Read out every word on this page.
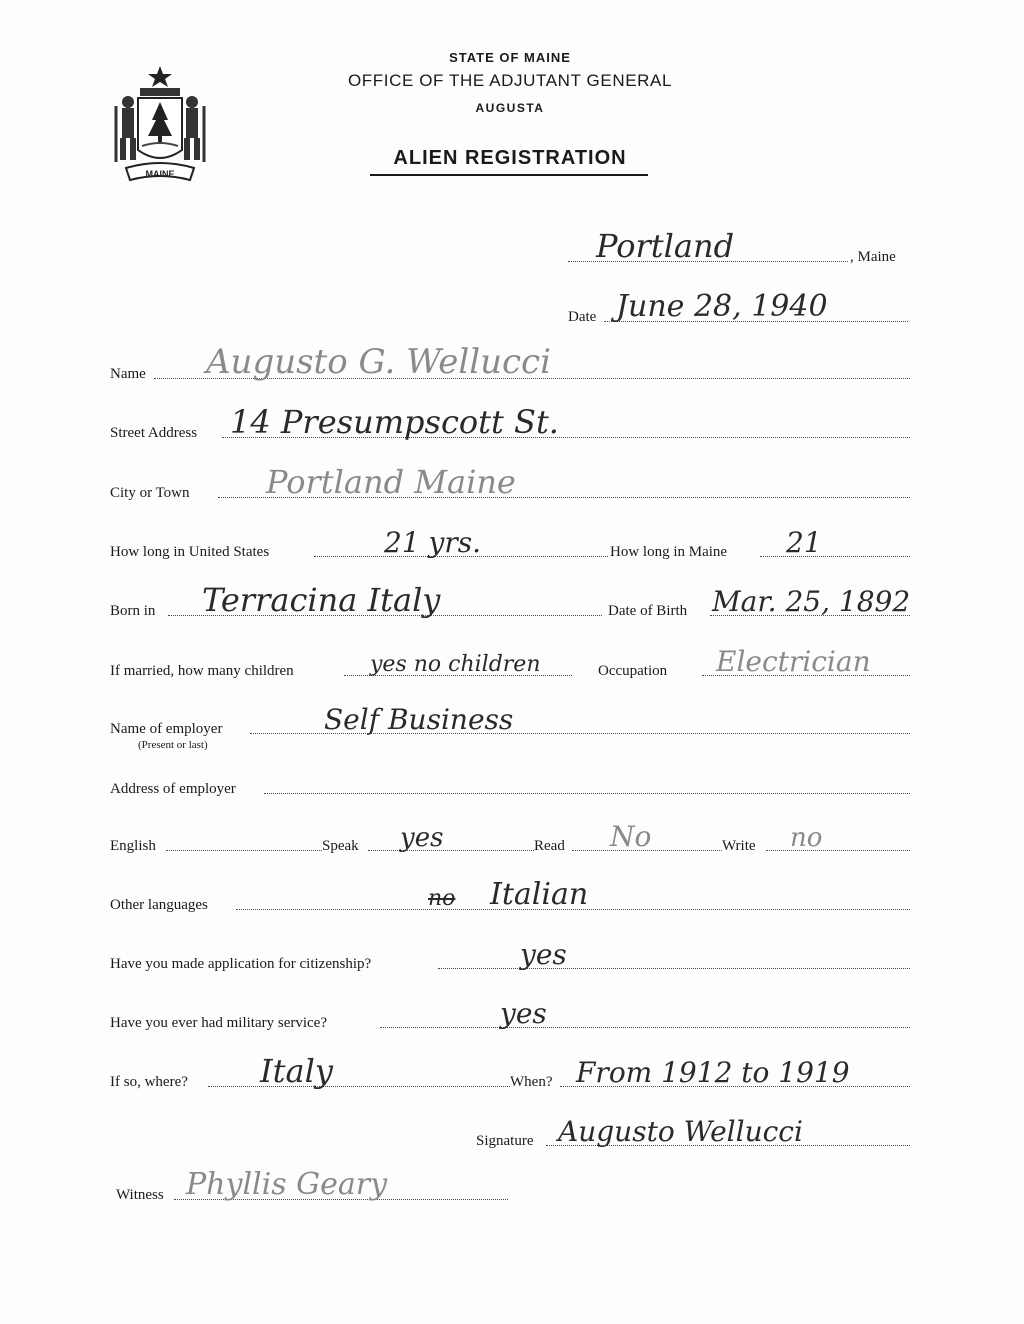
MAINE
STATE OF MAINE
OFFICE OF THE ADJUTANT GENERAL
AUGUSTA
ALIEN REGISTRATION
Portland	, Maine
Date June 28, 1940
Name Augusto G. Wellucci
Street Address 14 Presumpscott St.
City or Town Portland Maine
How long in United States	21 yrs.	How long in Maine 21
Born in Terracina Italy	Date of Birth Mar. 25, 1892
If married, how many children	yes no children	Occupation Electrician
Name of employer	Self Business
(Present or last)
Address of employer
English	Speak yes	Read No	Write no
Other languages	no Italian
Have you made application for citizenship?	yes
Have you ever had military service?	yes
If so, where? Italy	When? From 1912 to 1919
Signature Augusto Wellucci
Witness Phyllis Geary
